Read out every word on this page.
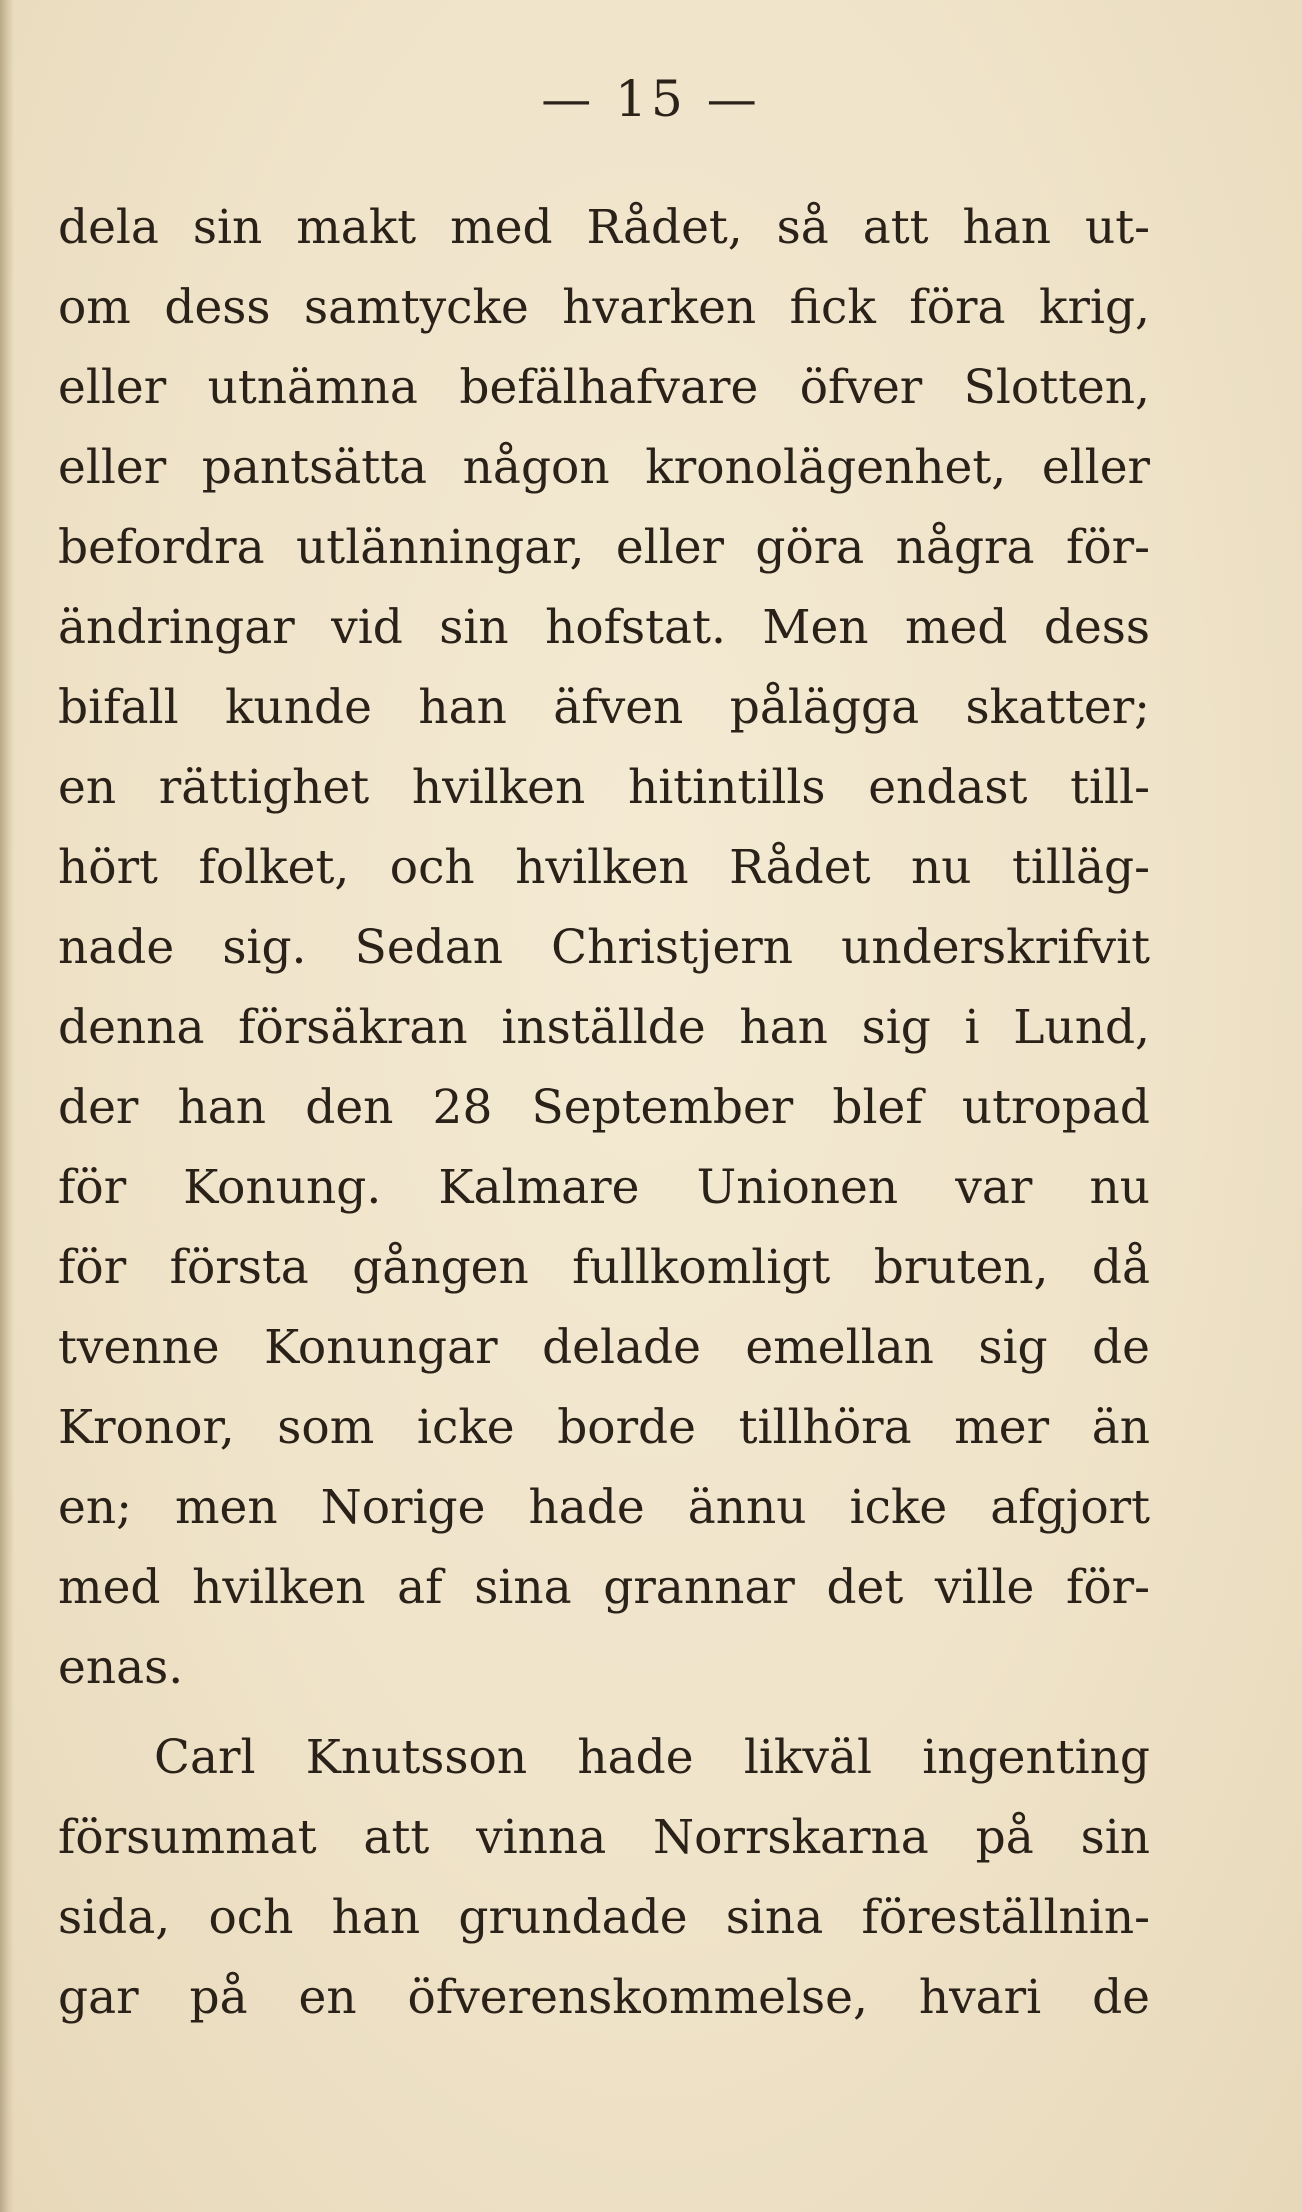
— 15 —
dela sin makt med Rådet, så att han ut-
om dess samtycke hvarken fick föra krig,
eller utnämna befälhafvare öfver Slotten,
eller pantsätta någon kronolägenhet, eller
befordra utlänningar, eller göra några för-
ändringar vid sin hofstat. Men med dess
bifall kunde han äfven pålägga skatter;
en rättighet hvilken hitintills endast till-
hört folket, och hvilken Rådet nu tilläg-
nade sig. Sedan Christjern underskrifvit
denna försäkran inställde han sig i Lund,
der han den 28 September blef utropad
för Konung. Kalmare Unionen var nu
för första gången fullkomligt bruten, då
tvenne Konungar delade emellan sig de
Kronor, som icke borde tillhöra mer än
en; men Norige hade ännu icke afgjort
med hvilken af sina grannar det ville för-
enas.
Carl Knutsson hade likväl ingenting
försummat att vinna Norrskarna på sin
sida, och han grundade sina föreställnin-
gar på en öfverenskommelse, hvari de
